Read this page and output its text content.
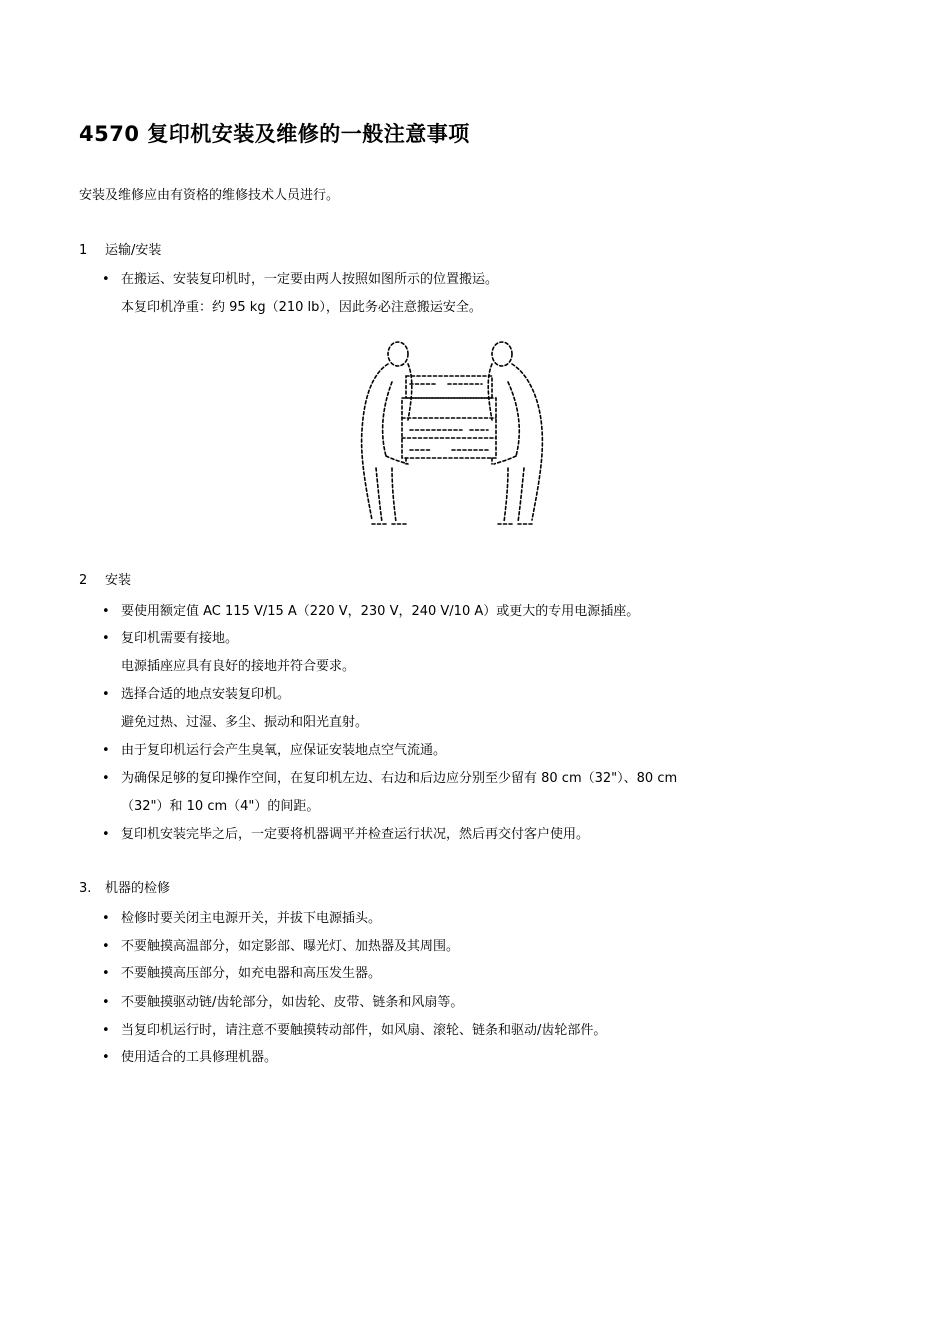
4570 复印机安装及维修的一般注意事项
安装及维修应由有资格的维修技术人员进行。
1 运输/安装
• 在搬运、安装复印机时，一定要由两人按照如图所示的位置搬运。
本复印机净重：约 95 kg（210 lb），因此务必注意搬运安全。
2 安装
• 要使用额定值 AC 115 V/15 A（220 V，230 V，240 V/10 A）或更大的专用电源插座。
• 复印机需要有接地。
电源插座应具有良好的接地并符合要求。
• 选择合适的地点安装复印机。
避免过热、过湿、多尘、振动和阳光直射。
• 由于复印机运行会产生臭氧，应保证安装地点空气流通。
• 为确保足够的复印操作空间，在复印机左边、右边和后边应分别至少留有 80 cm（32"）、80 cm
（32"）和 10 cm（4"）的间距。
• 复印机安装完毕之后，一定要将机器调平并检查运行状况，然后再交付客户使用。
3. 机器的检修
• 检修时要关闭主电源开关，并拔下电源插头。
• 不要触摸高温部分，如定影部、曝光灯、加热器及其周围。
• 不要触摸高压部分，如充电器和高压发生器。
• 不要触摸驱动链/齿轮部分，如齿轮、皮带、链条和风扇等。
• 当复印机运行时，请注意不要触摸转动部件，如风扇、滚轮、链条和驱动/齿轮部件。
• 使用适合的工具修理机器。
